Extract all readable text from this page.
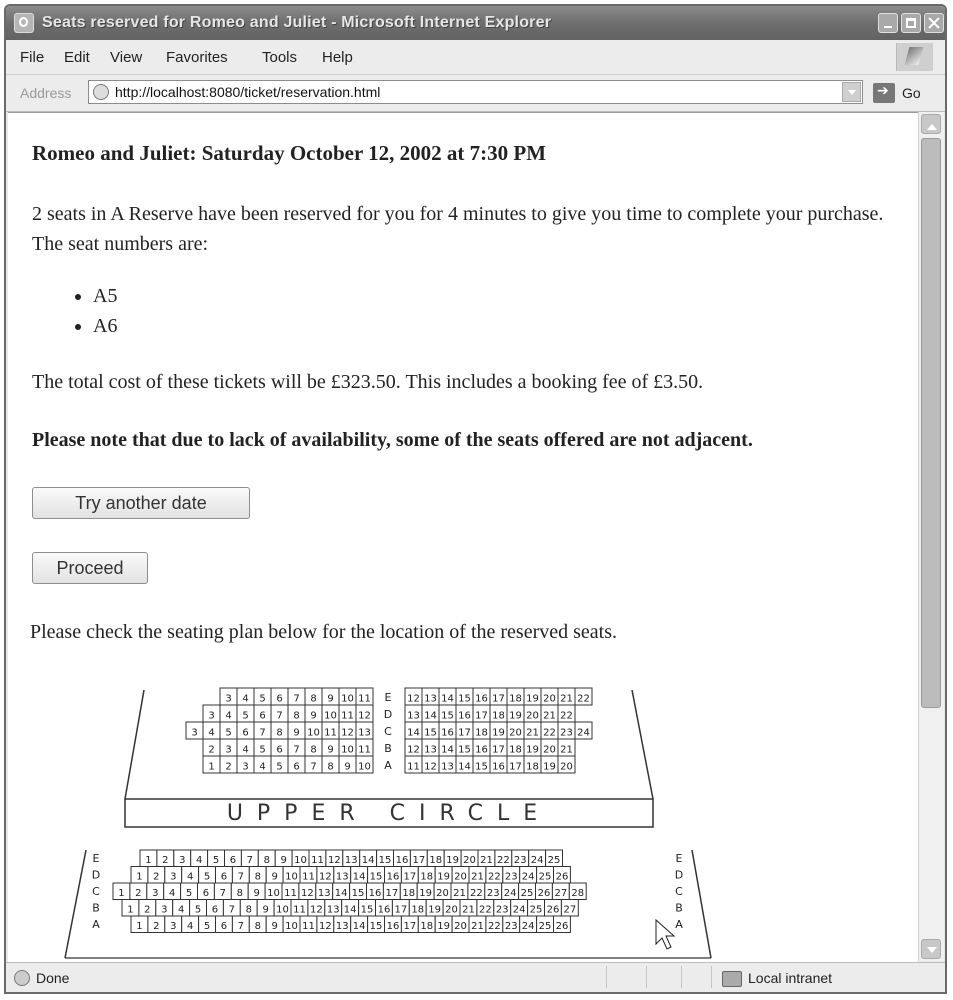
Seats reserved for Romeo and Juliet - Microsoft Internet Explorer
File Edit View Favorites Tools Help
Address	http://localhost:8080/ticket/reservation.html
➔	Go
Romeo and Juliet: Saturday October 12, 2002 at 7:30 PM
2 seats in A Reserve have been reserved for you for 4 minutes to give you time to complete your purchase. The seat numbers are:
• A5
• A6
The total cost of these tickets will be £323.50. This includes a booking fee of £3.50.
Please note that due to lack of availability, some of the seats offered are not adjacent.
Try another date
Proceed
Please check the seating plan below for the location of the reserved seats.
3 4 5 6 7 8 9 10 11 E 12 13 14 15 16 17 18 19 20 21 22
3 4 5 6 7 8 9 10 11 12 D 13 14 15 16 17 18 19 20 21 22
3 4 5 6 7 8 9 10 11 12 13 C 14 15 16 17 18 19 20 21 22 23 24
2 3 4 5 6 7 8 9 10 11 B 12 13 14 15 16 17 18 19 20 21
1 2 3 4 5 6 7 8 9 10 A 11 12 13 14 15 16 17 18 19 20
UPPER CIRCLE
1 2 3 4 5 6 7 8 9 10 11 12 13 14 15 16 17 18 19 20 21 22 23 24 25
E	E
1 2 3 4 5 6 7 8 9 10 11 12 13 14 15 16 17 18 19 20 21 22 23 24 25 26
D	D
1 2 3 4 5 6 7 8 9 10 11 12 13 14 15 16 17 18 19 20 21 22 23 24 25 26 27 28
C	C
1 2 3 4 5 6 7 8 9 10 11 12 13 14 15 16 17 18 19 20 21 22 23 24 25 26 27
B	B
1 2 3 4 5 6 7 8 9 10 11 12 13 14 15 16 17 18 19 20 21 22 23 24 25 26
A	A
Done	Local intranet
